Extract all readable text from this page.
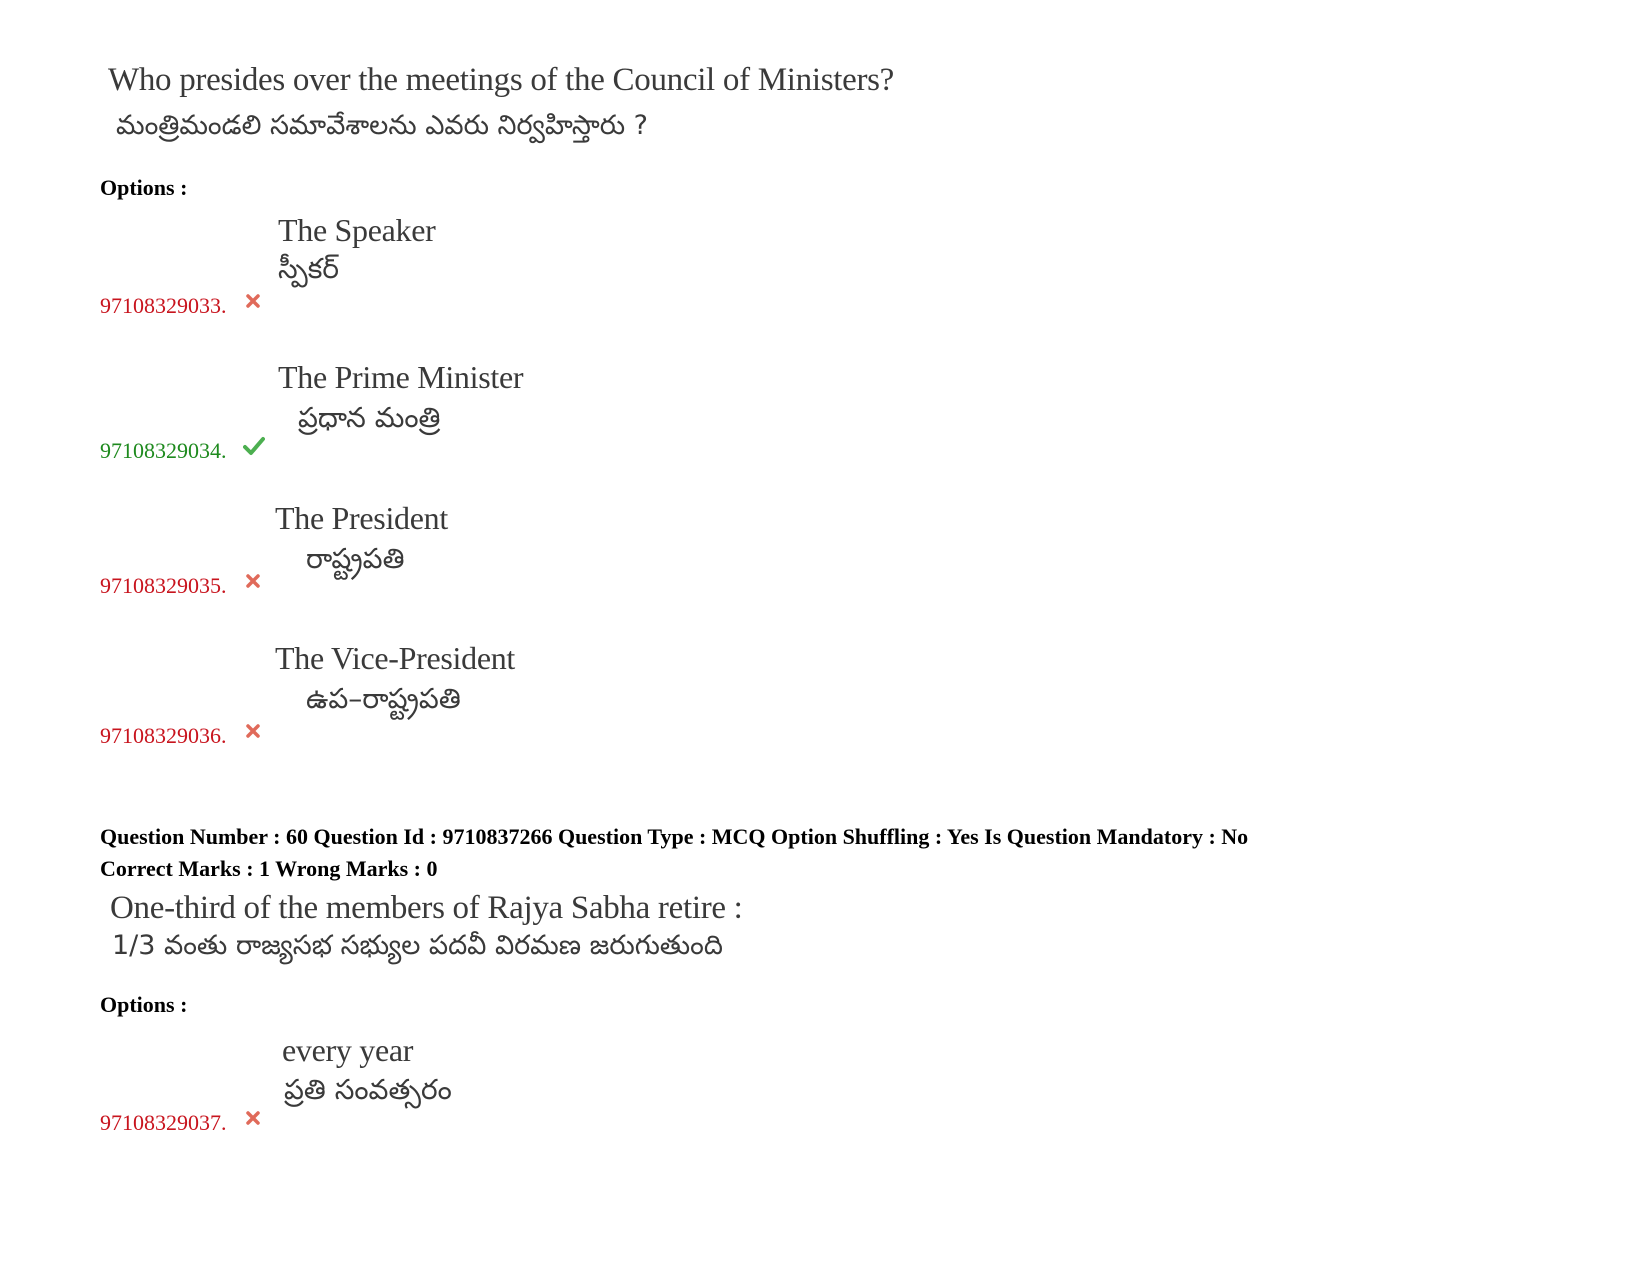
Who presides over the meetings of the Council of Ministers?
మంత్రిమండలి సమావేశాలను ఎవరు నిర్వహిస్తారు ?
Options :
The Speaker
స్పీకర్
97108329033.
The Prime Minister
ప్రధాన మంత్రి
97108329034.
The President
రాష్ట్రపతి
97108329035.
The Vice-President
ఉప–రాష్ట్రపతి
97108329036.
Question Number : 60 Question Id : 9710837266 Question Type : MCQ Option Shuffling : Yes Is Question Mandatory : No
Correct Marks : 1 Wrong Marks : 0
One-third of the members of Rajya Sabha retire :
1/3 వంతు రాజ్యసభ సభ్యుల పదవీ విరమణ జరుగుతుంది
Options :
every year
ప్రతి సంవత్సరం
97108329037.
